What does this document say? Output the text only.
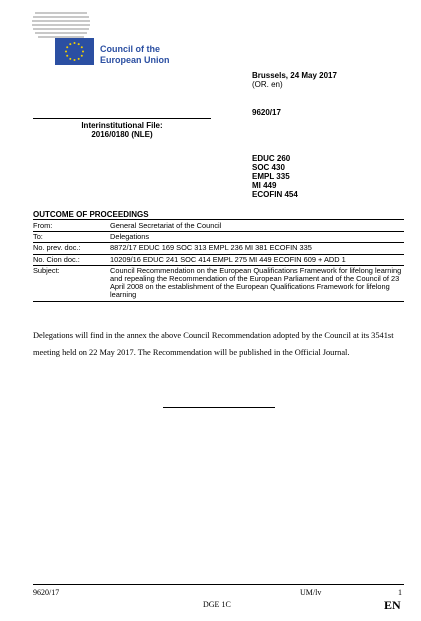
Council of the
European Union
Brussels, 24 May 2017
(OR. en)
9620/17
Interinstitutional File:
2016/0180 (NLE)
EDUC 260
SOC 430
EMPL 335
MI 449
ECOFIN 454
OUTCOME OF PROCEEDINGS
From:	General Secretariat of the Council
To:	Delegations
No. prev. doc.:	8872/17 EDUC 169 SOC 313 EMPL 236 MI 381 ECOFIN 335
No. Cion doc.:	10209/16 EDUC 241 SOC 414 EMPL 275 MI 449 ECOFIN 609 + ADD 1
Subject:	Council Recommendation on the European Qualifications Framework for lifelong learning and repealing the Recommendation of the European Parliament and of the Council of 23 April 2008 on the establishment of the European Qualifications Framework for lifelong learning
Delegations will find in the annex the above Council Recommendation adopted by the Council at its 3541st meeting held on 22 May 2017. The Recommendation will be published in the Official Journal.
9620/17	UM/lv	1
DGE 1C	EN
